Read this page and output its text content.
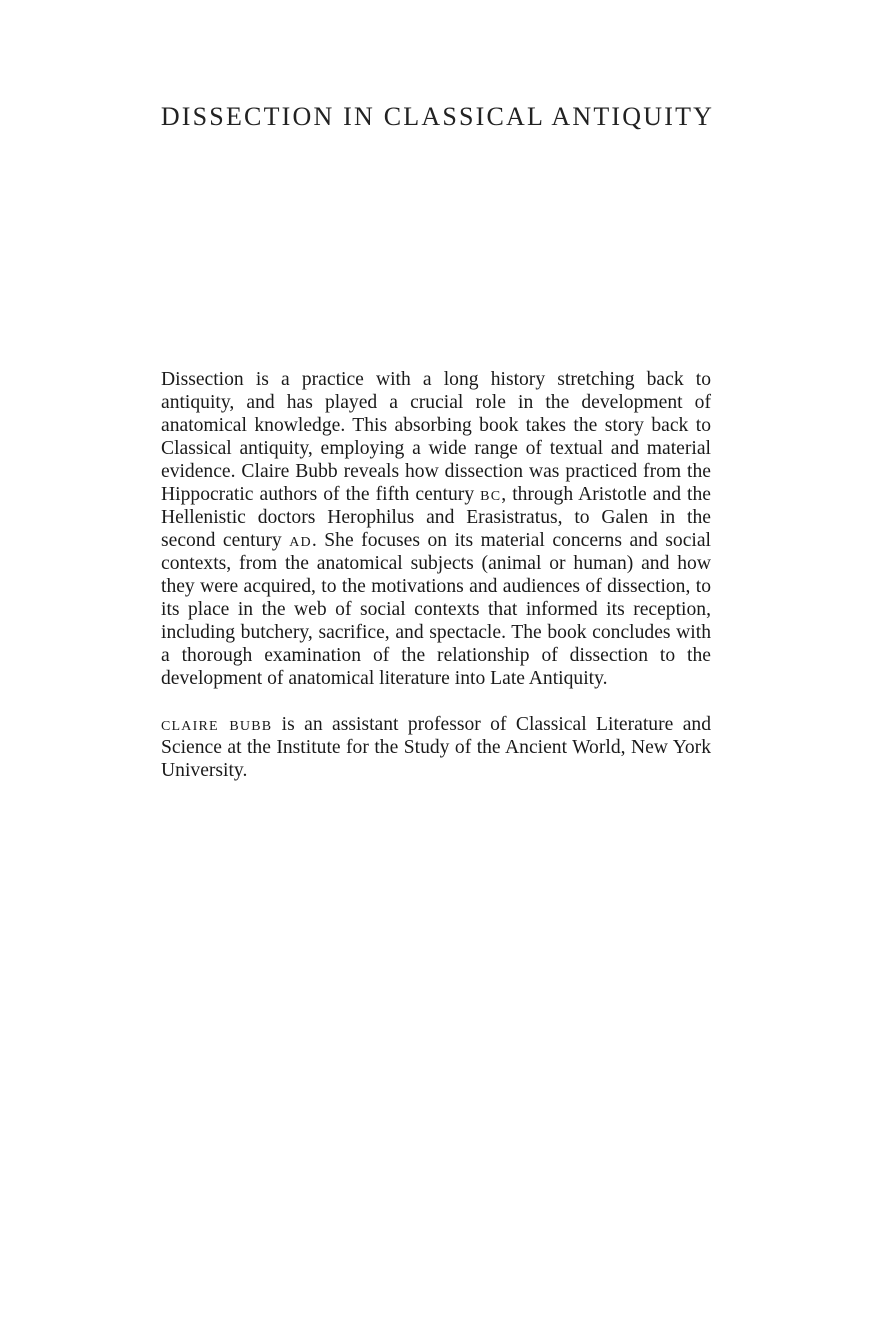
DISSECTION IN CLASSICAL ANTIQUITY

Dissection is a practice with a long history stretching back to antiquity, and has played a crucial role in the development of anatomical knowledge. This absorbing book takes the story back to Classical antiquity, employing a wide range of textual and material evidence. Claire Bubb reveals how dissection was practiced from the Hippocratic authors of the fifth century bc, through Aristotle and the Hellenistic doctors Herophilus and Erasistratus, to Galen in the second century ad. She focuses on its material concerns and social contexts, from the anatomical subjects (animal or human) and how they were acquired, to the motivations and audiences of dissection, to its place in the web of social contexts that informed its reception, including butchery, sacrifice, and spectacle. The book concludes with a thorough examination of the relationship of dissection to the development of anatomical literature into Late Antiquity.

claire bubb is an assistant professor of Classical Literature and Science at the Institute for the Study of the Ancient World, New York University.
